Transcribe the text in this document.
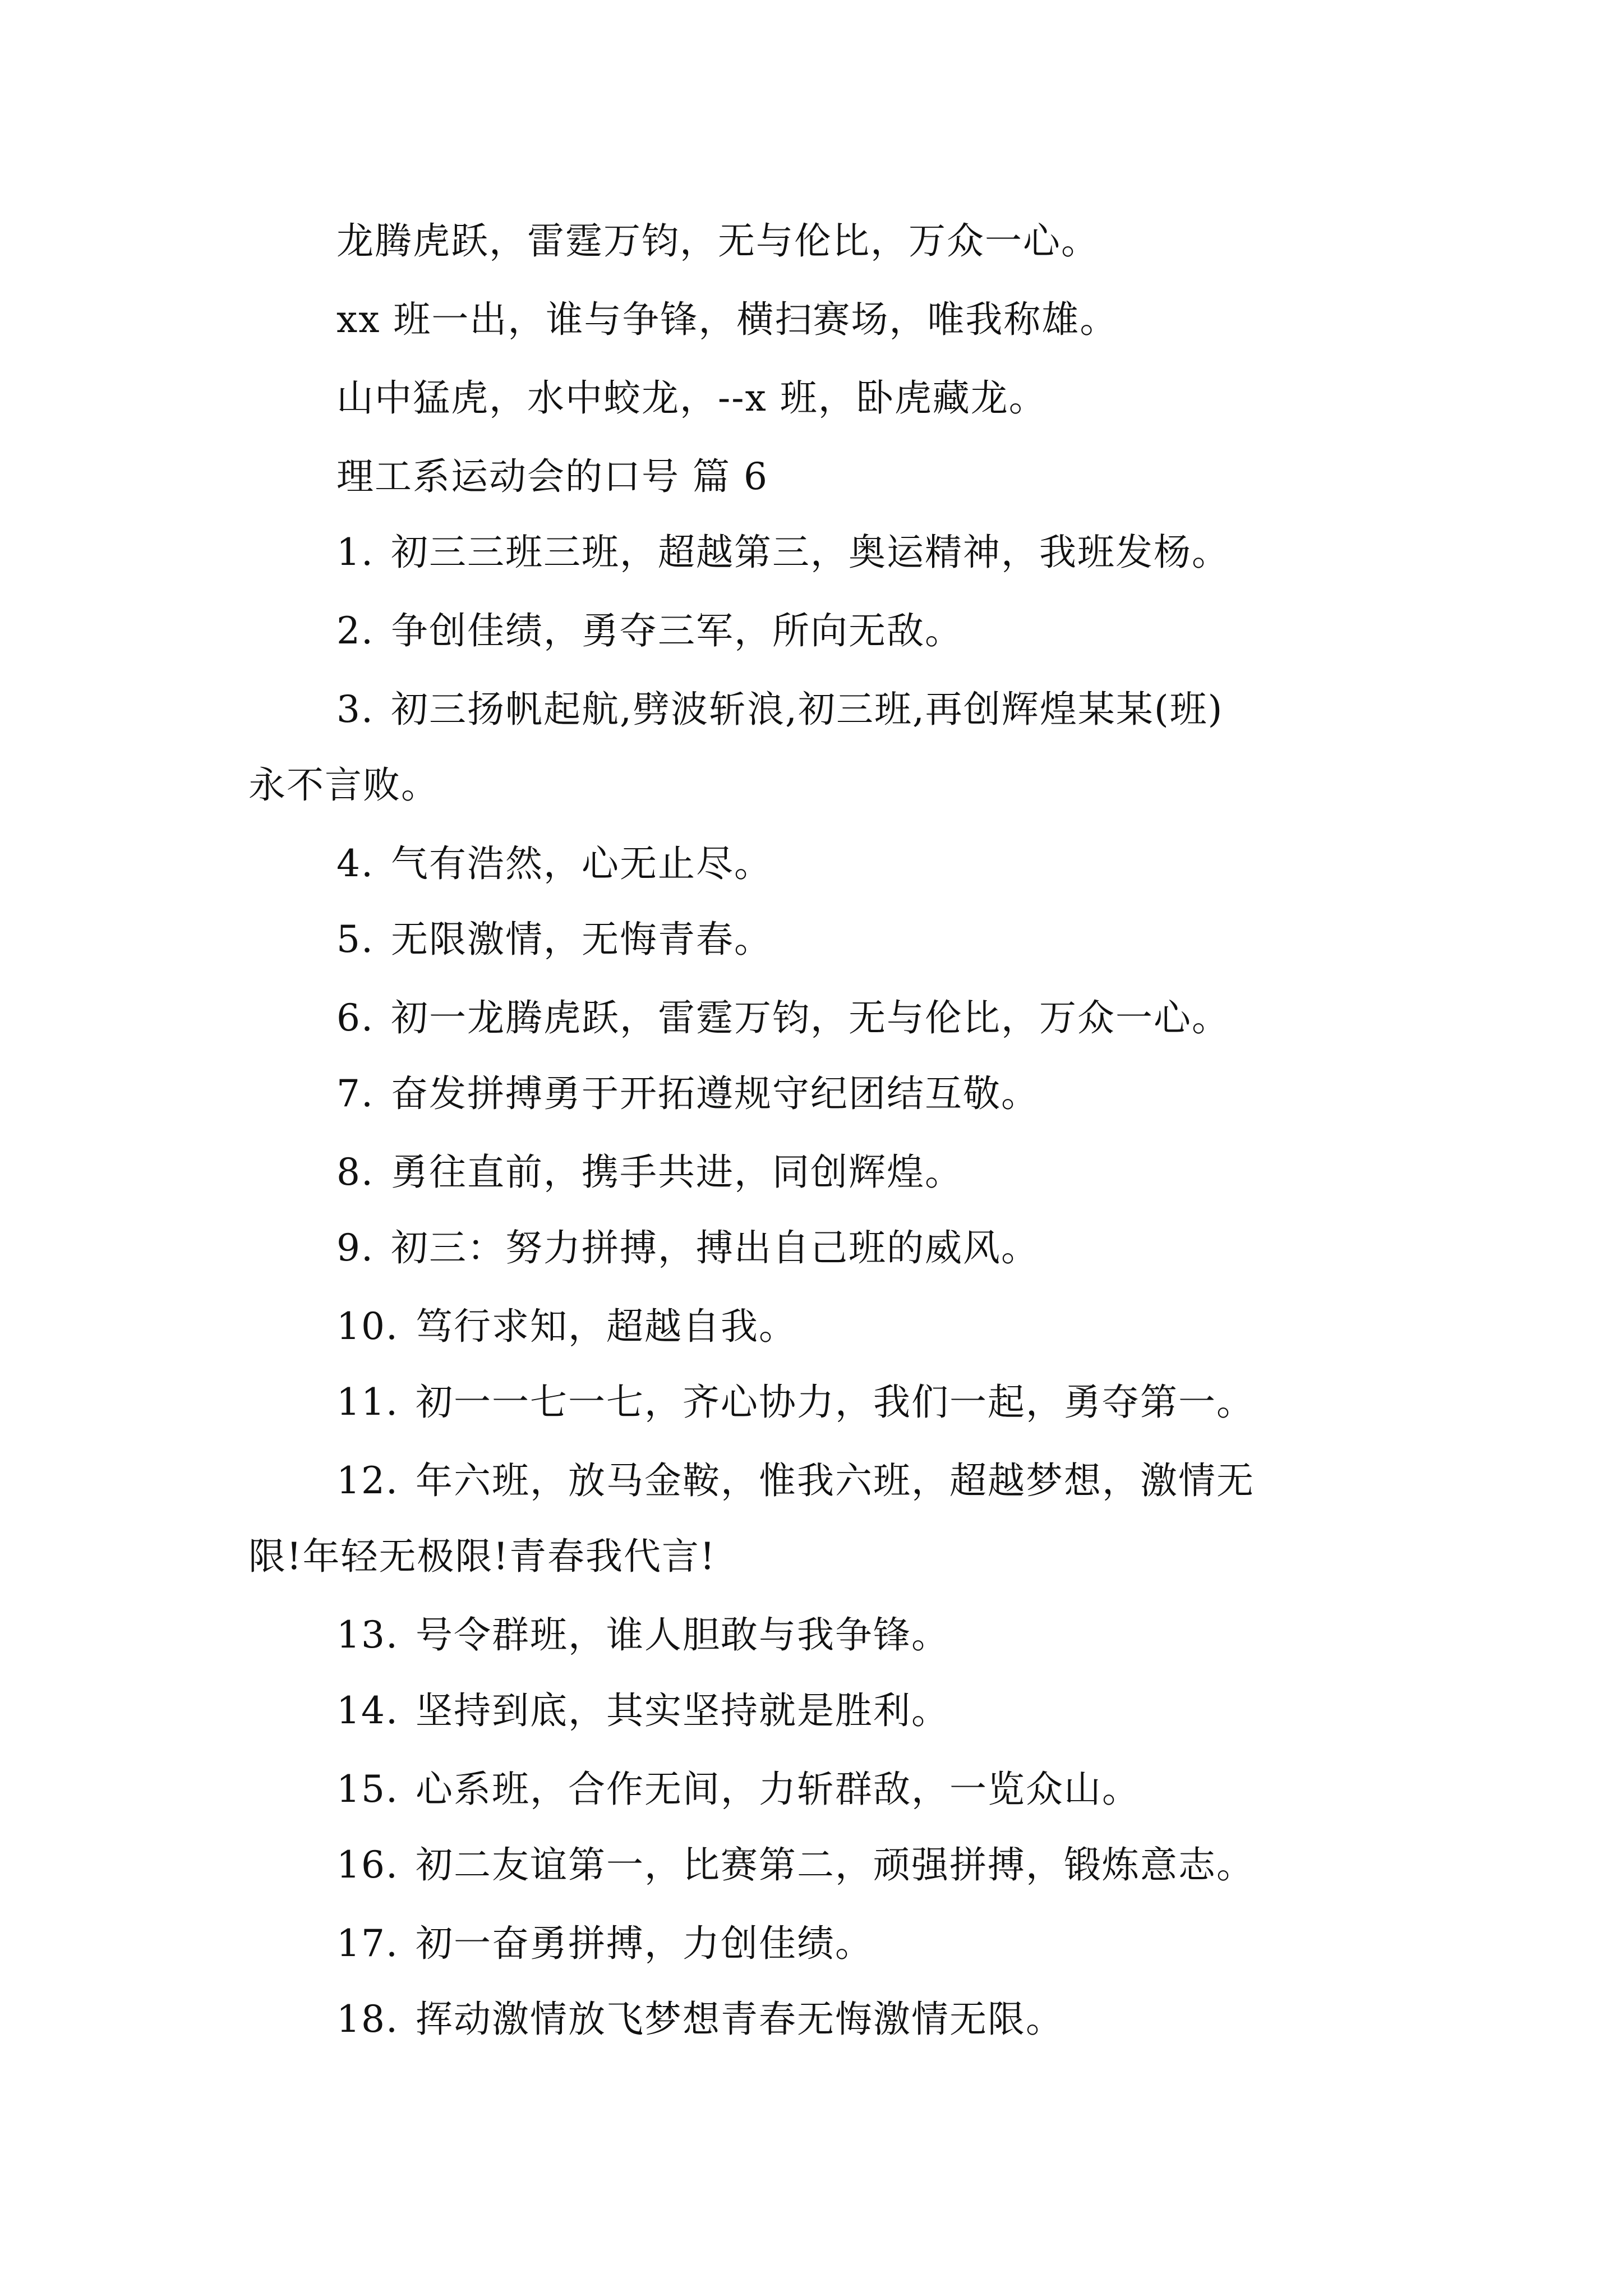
龙腾虎跃，雷霆万钧，无与伦比，万众一心。
xx 班一出，谁与争锋，横扫赛场，唯我称雄。
山中猛虎，水中蛟龙，--x 班，卧虎藏龙。
理工系运动会的口号 篇 6
1. 初三三班三班，超越第三，奥运精神，我班发杨。
2. 争创佳绩，勇夺三军，所向无敌。
3. 初三扬帆起航,劈波斩浪,初三班,再创辉煌某某(班)
永不言败。
4. 气有浩然，心无止尽。
5. 无限激情，无悔青春。
6. 初一龙腾虎跃，雷霆万钧，无与伦比，万众一心。
7. 奋发拼搏勇于开拓遵规守纪团结互敬。
8. 勇往直前，携手共进，同创辉煌。
9. 初三：努力拼搏，搏出自己班的威风。
10. 笃行求知，超越自我。
11. 初一一七一七，齐心协力，我们一起，勇夺第一。
12. 年六班，放马金鞍，惟我六班，超越梦想，激情无
限!年轻无极限!青春我代言!
13. 号令群班，谁人胆敢与我争锋。
14. 坚持到底，其实坚持就是胜利。
15. 心系班，合作无间，力斩群敌，一览众山。
16. 初二友谊第一，比赛第二，顽强拼搏，锻炼意志。
17. 初一奋勇拼搏，力创佳绩。
18. 挥动激情放飞梦想青春无悔激情无限。
